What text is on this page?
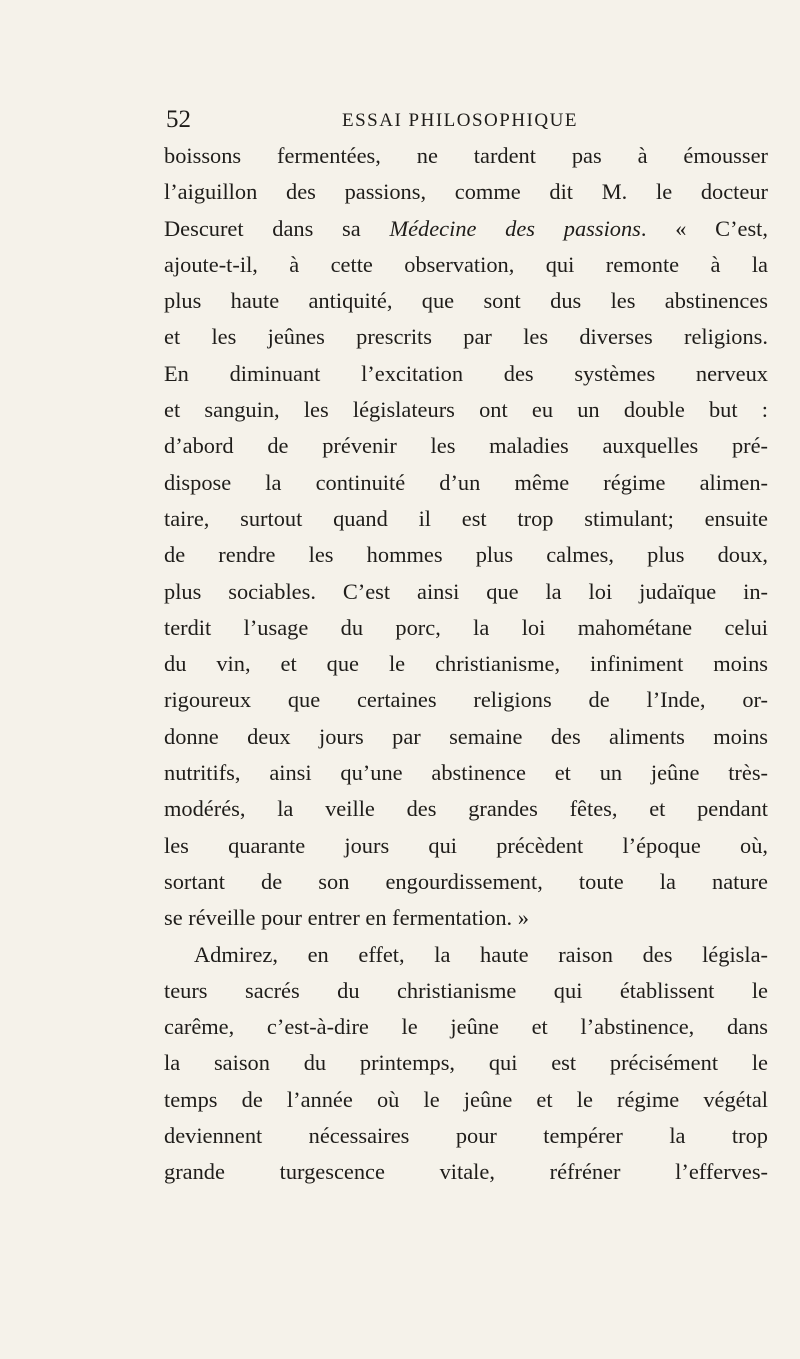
52	ESSAI PHILOSOPHIQUE
boissons fermentées, ne tardent pas à émousser
l’aiguillon des passions, comme dit M. le docteur
Descuret dans sa Médecine des passions. « C’est,
ajoute-t-il, à cette observation, qui remonte à la
plus haute antiquité, que sont dus les abstinences
et les jeûnes prescrits par les diverses religions.
En diminuant l’excitation des systèmes nerveux
et sanguin, les législateurs ont eu un double but :
d’abord de prévenir les maladies auxquelles pré-
dispose la continuité d’un même régime alimen-
taire, surtout quand il est trop stimulant; ensuite
de rendre les hommes plus calmes, plus doux,
plus sociables. C’est ainsi que la loi judaïque in-
terdit l’usage du porc, la loi mahométane celui
du vin, et que le christianisme, infiniment moins
rigoureux que certaines religions de l’Inde, or-
donne deux jours par semaine des aliments moins
nutritifs, ainsi qu’une abstinence et un jeûne très-
modérés, la veille des grandes fêtes, et pendant
les quarante jours qui précèdent l’époque où,
sortant de son engourdissement, toute la nature
se réveille pour entrer en fermentation. »
Admirez, en effet, la haute raison des législa-
teurs sacrés du christianisme qui établissent le
carême, c’est-à-dire le jeûne et l’abstinence, dans
la saison du printemps, qui est précisément le
temps de l’année où le jeûne et le régime végétal
deviennent nécessaires pour tempérer la trop
grande turgescence vitale, réfréner l’efferves-
